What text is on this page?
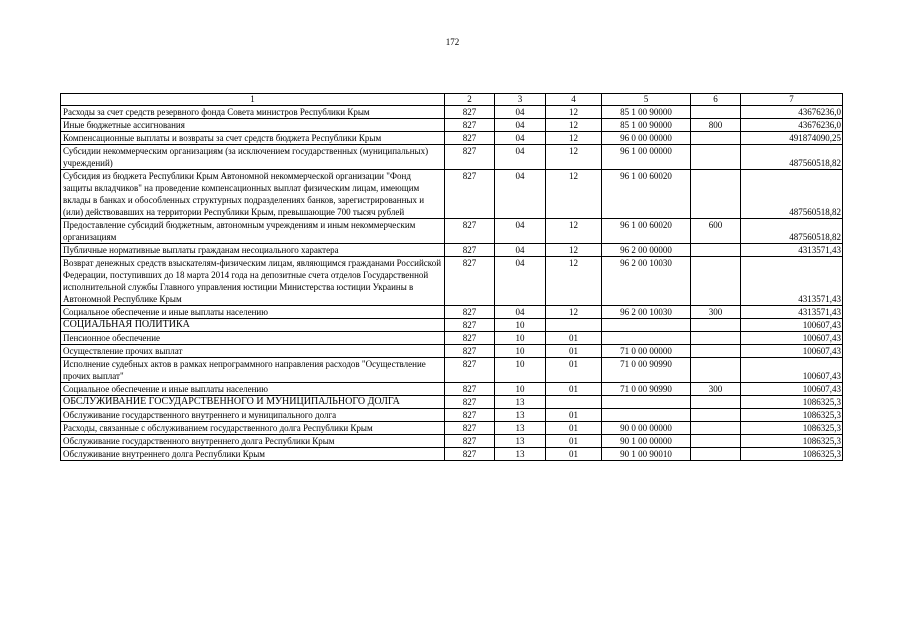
172
1	2	3	4	5	6	7
Расходы за счет средств резервного фонда Совета министров Республики Крым	827	04	12	85 1 00 90000		43676236,0
Иные бюджетные ассигнования	827	04	12	85 1 00 90000	800	43676236,0
Компенсационные выплаты и возвраты за счет средств бюджета Республики Крым	827	04	12	96 0 00 00000		491874090,25
Субсидии некоммерческим организациям (за исключением государственных (муниципальных) учреждений)	827	04	12	96 1 00 00000		487560518,82
Субсидия из бюджета Республики Крым Автономной некоммерческой организации "Фонд защиты вкладчиков" на проведение компенсационных выплат физическим лицам, имеющим вклады в банках и обособленных структурных подразделениях банков, зарегистрированных и (или) действовавших на территории Республики Крым, превышающие 700 тысяч рублей	827	04	12	96 1 00 60020		487560518,82
Предоставление субсидий бюджетным, автономным учреждениям и иным некоммерческим организациям	827	04	12	96 1 00 60020	600	487560518,82
Публичные нормативные выплаты гражданам несоциального характера	827	04	12	96 2 00 00000		4313571,43
Возврат денежных средств взыскателям-физическим лицам, являющимся гражданами Российской Федерации, поступивших до 18 марта 2014 года на депозитные счета отделов Государственной исполнительной службы Главного управления юстиции Министерства юстиции Украины в Автономной Республике Крым	827	04	12	96 2 00 10030		4313571,43
Социальное обеспечение и иные выплаты населению	827	04	12	96 2 00 10030	300	4313571,43
СОЦИАЛЬНАЯ ПОЛИТИКА	827	10				100607,43
Пенсионное обеспечение	827	10	01			100607,43
Осуществление прочих выплат	827	10	01	71 0 00 00000		100607,43
Исполнение судебных актов в рамках непрограммного направления расходов "Осуществление прочих выплат"	827	10	01	71 0 00 90990		100607,43
Социальное обеспечение и иные выплаты населению	827	10	01	71 0 00 90990	300	100607,43
ОБСЛУЖИВАНИЕ ГОСУДАРСТВЕННОГО И МУНИЦИПАЛЬНОГО ДОЛГА	827	13				1086325,3
Обслуживание государственного внутреннего и муниципального долга	827	13	01			1086325,3
Расходы, связанные с обслуживанием государственного долга Республики Крым	827	13	01	90 0 00 00000		1086325,3
Обслуживание государственного внутреннего долга Республики Крым	827	13	01	90 1 00 00000		1086325,3
Обслуживание внутреннего долга Республики Крым	827	13	01	90 1 00 90010		1086325,3
